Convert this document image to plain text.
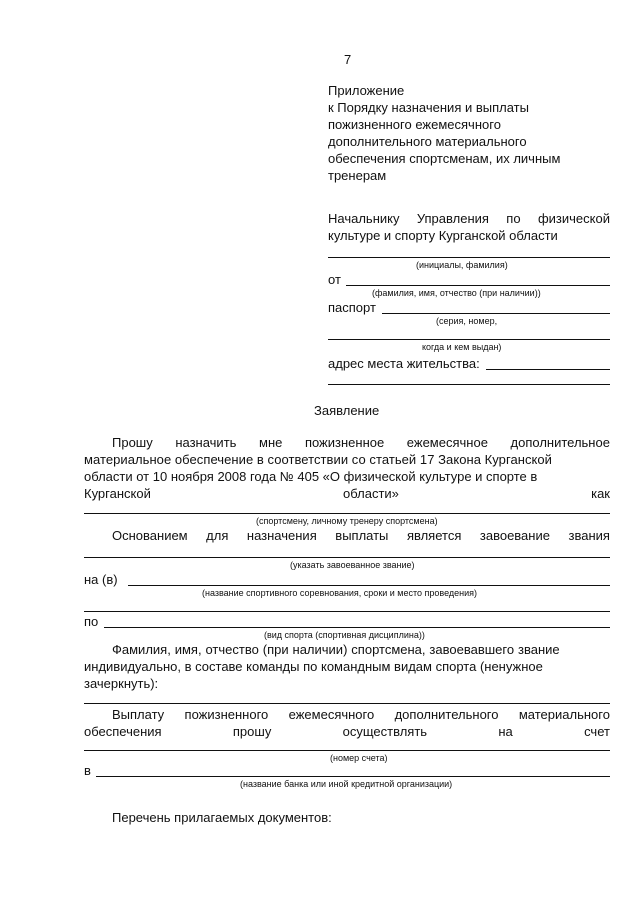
7
Приложение
к Порядку назначения и выплаты
пожизненного ежемесячного
дополнительного материального
обеспечения спортсменам, их личным
тренерам
Начальнику Управления по физической
культуре и спорту Курганской области
(инициалы, фамилия)
от
(фамилия, имя, отчество (при наличии))
паспорт
(серия, номер,
когда и кем выдан)
адрес места жительства:
Заявление
Прошу назначить мне пожизненное ежемесячное дополнительное
материальное обеспечение в соответствии со статьей 17 Закона Курганской
области от 10 ноября 2008 года № 405 «О физической культуре и спорте в
Курганской	области»	как
(спортсмену, личному тренеру спортсмена)
Основанием для назначения выплаты является завоевание звания
(указать завоеванное звание)
на (в)
(название спортивного соревнования, сроки и место проведения)
по
(вид спорта (спортивная дисциплина))
Фамилия, имя, отчество (при наличии) спортсмена, завоевавшего звание
индивидуально, в составе команды по командным видам спорта (ненужное
зачеркнуть):
Выплату пожизненного ежемесячного дополнительного материального
обеспечения	прошу	осуществлять	на	счет
(номер счета)
в
(название банка или иной кредитной организации)
Перечень прилагаемых документов:
